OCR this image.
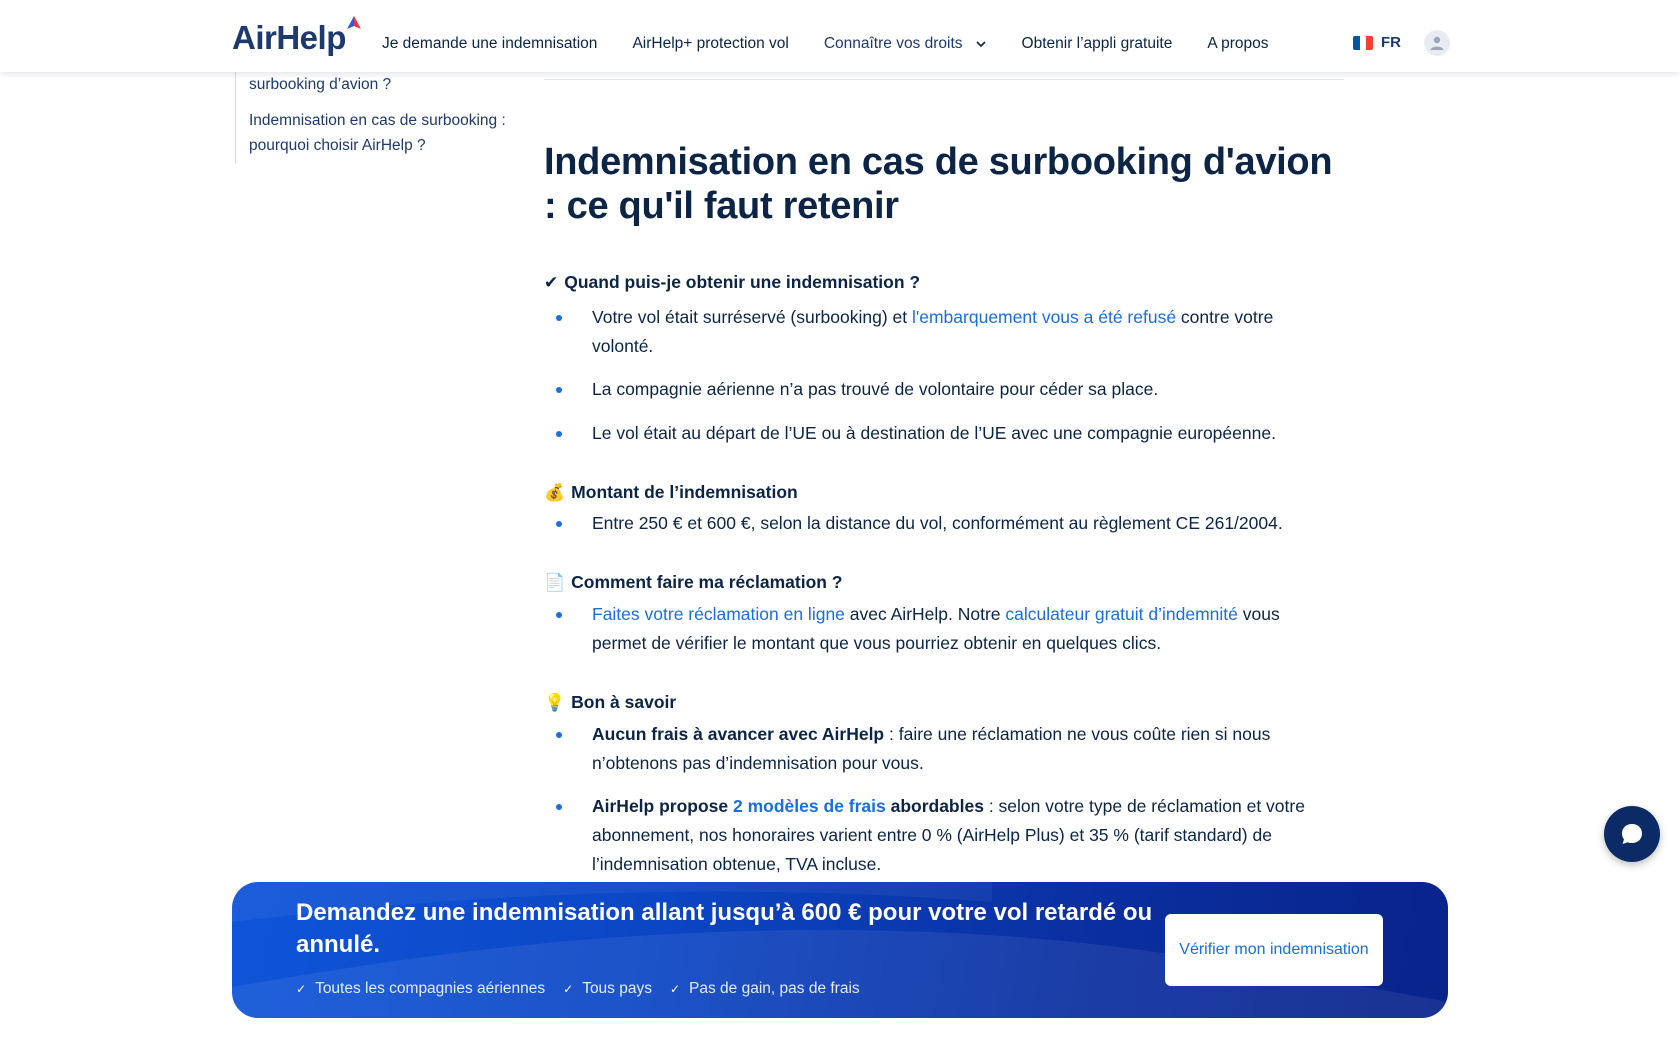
AirHelp Je demande une indemnisation AirHelp+ protection vol Connaître vos droits	Obtenir l’appli gratuite A propos	FR
surbooking d’avion ?
Indemnisation en cas de surbooking : pourquoi choisir AirHelp ?	Indemnisation en cas de surbooking d'avion : ce qu'il faut retenir
✔ Quand puis-je obtenir une indemnisation ?
Votre vol était surréservé (surbooking) et l'embarquement vous a été refusé contre votre volonté.
La compagnie aérienne n’a pas trouvé de volontaire pour céder sa place.
Le vol était au départ de l’UE ou à destination de l’UE avec une compagnie européenne.
💰 Montant de l’indemnisation
Entre 250 € et 600 €, selon la distance du vol, conformément au règlement CE 261/2004.
📄 Comment faire ma réclamation ?
Faites votre réclamation en ligne avec AirHelp. Notre calculateur gratuit d’indemnité vous permet de vérifier le montant que vous pourriez obtenir en quelques clics.
💡 Bon à savoir
Aucun frais à avancer avec AirHelp : faire une réclamation ne vous coûte rien si nous n’obtenons pas d’indemnisation pour vous.
AirHelp propose 2 modèles de frais abordables : selon votre type de réclamation et votre abonnement, nos honoraires varient entre 0 % (AirHelp Plus) et 35 % (tarif standard) de l’indemnisation obtenue, TVA incluse.
Demandez une indemnisation allant jusqu’à 600 € pour votre vol retardé ou annulé.
✓ Toutes les compagnies aériennes ✓ Tous pays ✓ Pas de gain, pas de frais
Vérifier mon indemnisation
